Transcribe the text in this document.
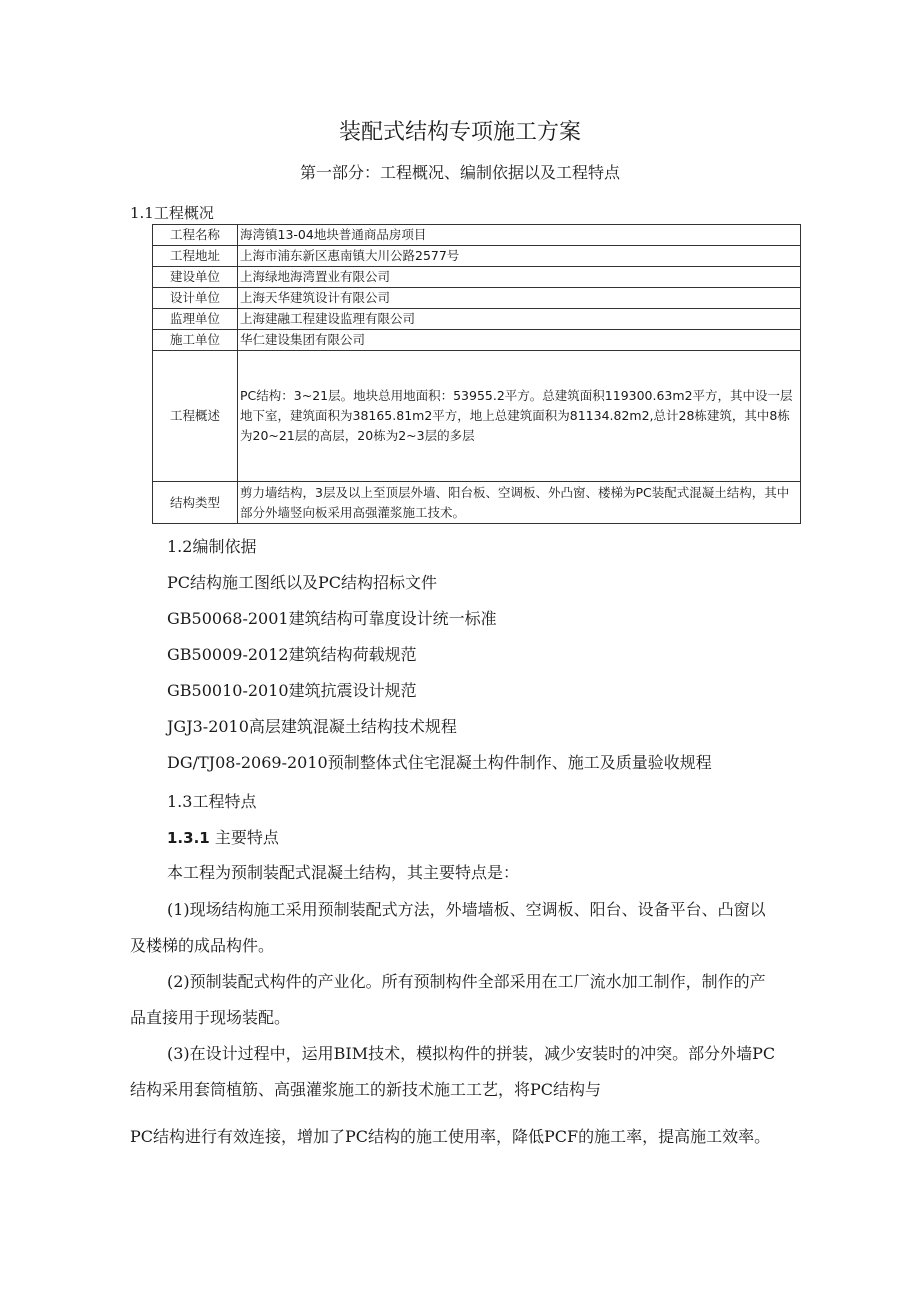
装配式结构专项施工方案
第一部分：工程概况、编制依据以及工程特点
1.1工程概况
工程名称	海湾镇13-04地块普通商品房项目
工程地址	上海市浦东新区惠南镇大川公路2577号
建设单位	上海绿地海湾置业有限公司
设计单位	上海天华建筑设计有限公司
监理单位	上海建融工程建设监理有限公司
施工单位	华仁建设集团有限公司
工程概述	PC结构：3~21层。地块总用地面积：53955.2平方。总建筑面积119300.63m2平方，其中设一层地下室，建筑面积为38165.81m2平方，地上总建筑面积为81134.82m2,总计28栋建筑，其中8栋为20~21层的高层，20栋为2~3层的多层
结构类型	剪力墙结构，3层及以上至顶层外墙、阳台板、空调板、外凸窗、楼梯为PC装配式混凝土结构，其中部分外墙竖向板采用高强灌浆施工技术。
1.2编制依据
PC结构施工图纸以及PC结构招标文件
GB50068-2001建筑结构可靠度设计统一标准
GB50009-2012建筑结构荷载规范
GB50010-2010建筑抗震设计规范
JGJ3-2010高层建筑混凝土结构技术规程
DG/TJ08-2069-2010预制整体式住宅混凝土构件制作、施工及质量验收规程
1.3工程特点
1.3.1 主要特点
本工程为预制装配式混凝土结构，其主要特点是：
(1)现场结构施工采用预制装配式方法，外墙墙板、空调板、阳台、设备平台、凸窗以
及楼梯的成品构件。
(2)预制装配式构件的产业化。所有预制构件全部采用在工厂流水加工制作，制作的产
品直接用于现场装配。
(3)在设计过程中，运用BIM技术，模拟构件的拼装，减少安装时的冲突。部分外墙PC
结构采用套筒植筋、高强灌浆施工的新技术施工工艺，将PC结构与
PC结构进行有效连接，增加了PC结构的施工使用率，降低PCF的施工率，提高施工效率。
